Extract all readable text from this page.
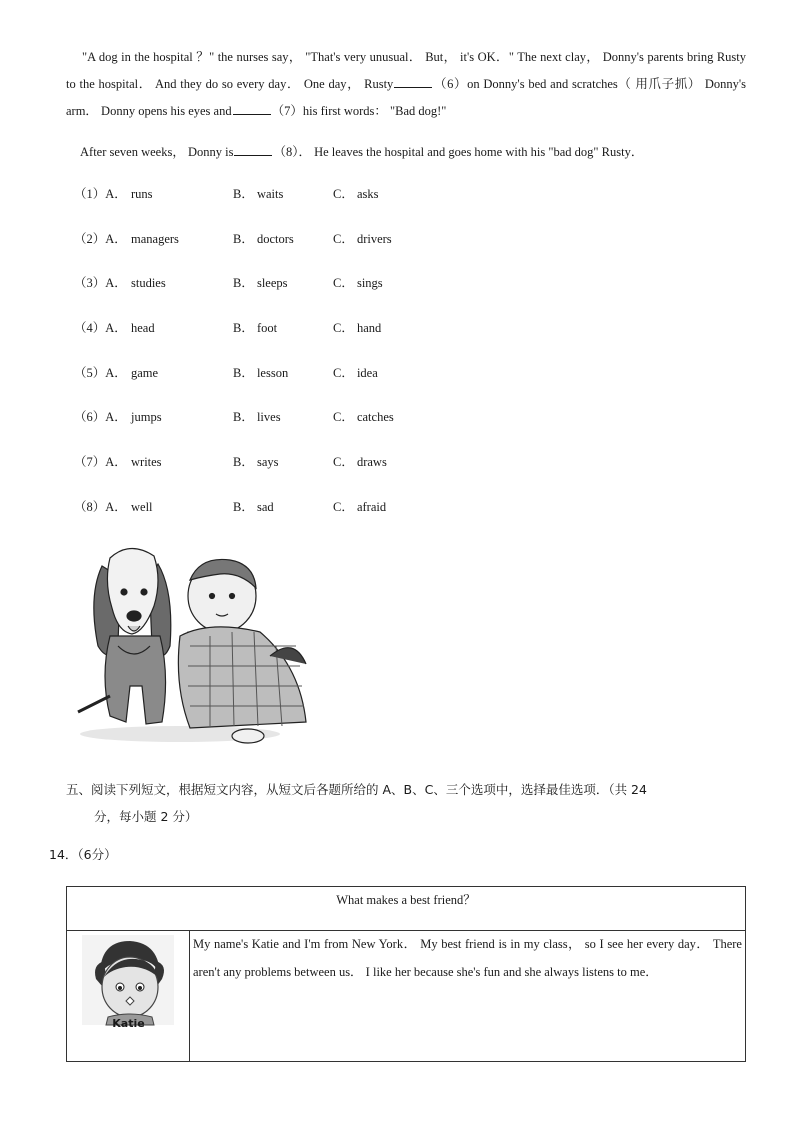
"A dog in the hospital ？" the nurses say， "That's very unusual． But， it's OK．" The next clay， Donny's parents bring Rusty to the hospital． And they do so every day． One day， Rusty	（6）on Donny's bed and scratches（ 用爪子抓） Donny's arm． Donny opens his eyes and	（7）his first words： "Bad dog!"
After seven weeks， Donny is	（8）． He leaves the hospital and goes home with his "bad dog" Rusty．
（1）A． runs	B． waits	C． asks
（2）A． managers	B． doctors	C． drivers
（3）A． studies	B． sleeps	C． sings
（4）A． head	B． foot	C． hand
（5）A． game	B． lesson	C． idea
（6）A． jumps	B． lives	C． catches
（7）A． writes	B． says	C． draws
（8）A． well	B． sad	C． afraid
五、阅读下列短文，根据短文内容，从短文后各题所给的 A、B、C、三个选项中，选择最佳选项．（共 24
分，每小题 2 分）
14．（6分）
What makes a best friend？
Katie
My name's Katie and I'm from New York． My best friend is in my class， so I see her every day． There aren't any problems between us． I like her because she's fun and she always listens to me．
